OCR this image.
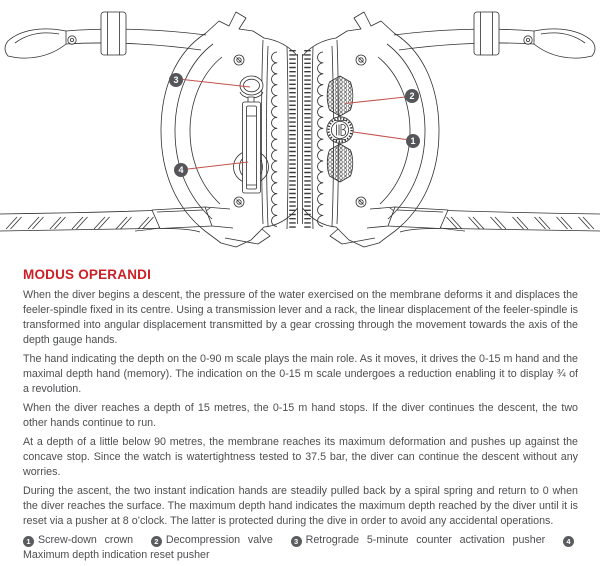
1
2
3
4
MODUS OPERANDI

When the diver begins a descent, the pressure of the water exercised on the membrane deforms it and displaces the feeler-spindle fixed in its centre. Using a transmission lever and a rack, the linear displacement of the feeler-spindle is transformed into angular displacement transmitted by a gear crossing through the movement towards the axis of the depth gauge hands.

The hand indicating the depth on the 0-90 m scale plays the main role. As it moves, it drives the 0-15 m hand and the maximal depth hand (memory). The indication on the 0-15 m scale undergoes a reduction enabling it to display ¾ of a revolution.

When the diver reaches a depth of 15 metres, the 0-15 m hand stops. If the diver continues the descent, the two other hands continue to run.

At a depth of a little below 90 metres, the membrane reaches its maximum deformation and pushes up against the concave stop. Since the watch is watertightness tested to 37.5 bar, the diver can continue the descent without any worries.

During the ascent, the two instant indication hands are steadily pulled back by a spiral spring and return to 0 when the diver reaches the surface. The maximum depth hand indicates the maximum depth reached by the diver until it is reset via a pusher at 8 o’clock. The latter is protected during the dive in order to avoid any accidental operations.

1 Screw-down crown	2 Decompression valve	3 Retrograde 5-minute counter activation pusher	4Maximum depth indication reset pusher
